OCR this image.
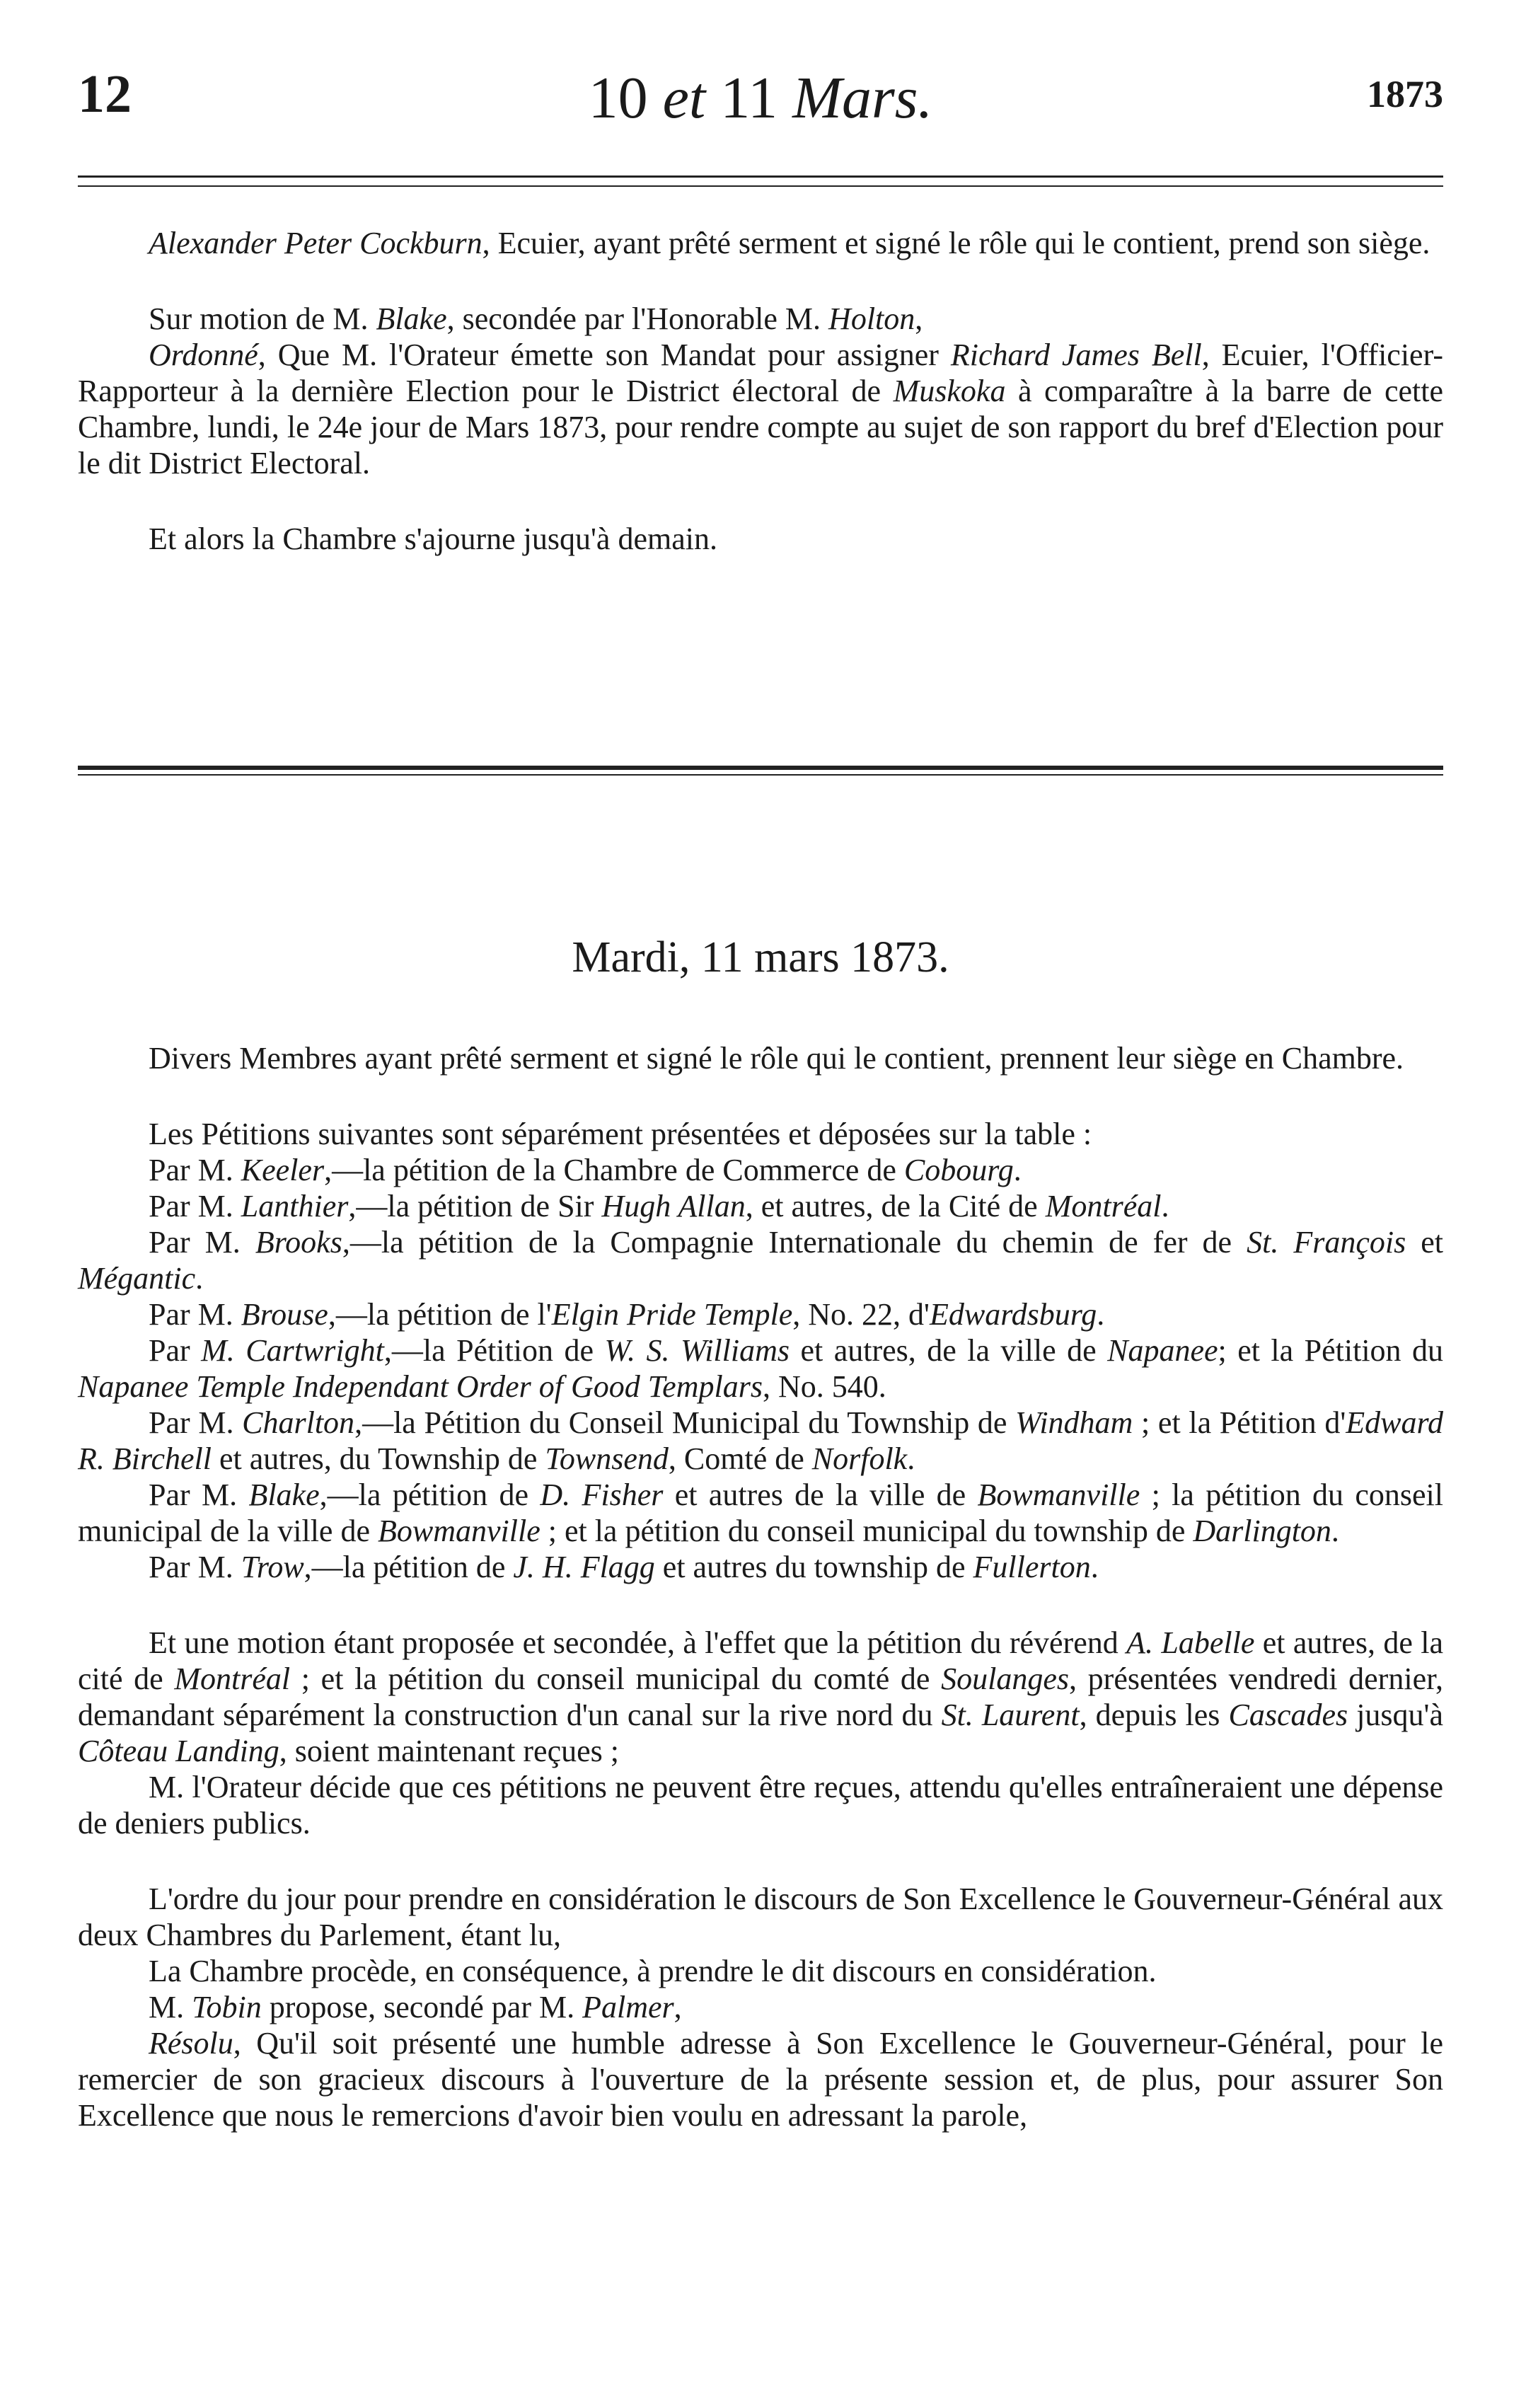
12	10 et 11 Mars.	1873

Alexander Peter Cockburn, Ecuier, ayant prêté serment et signé le rôle qui le contient, prend son siège.

Sur motion de M. Blake, secondée par l'Honorable M. Holton,

Ordonné, Que M. l'Orateur émette son Mandat pour assigner Richard James Bell, Ecuier, l'Officier-Rapporteur à la dernière Election pour le District électoral de Muskoka à comparaître à la barre de cette Chambre, lundi, le 24e jour de Mars 1873, pour rendre compte au sujet de son rapport du bref d'Election pour le dit District Electoral.

Et alors la Chambre s'ajourne jusqu'à demain.

Mardi, 11 mars 1873.

Divers Membres ayant prêté serment et signé le rôle qui le contient, prennent leur siège en Chambre.

Les Pétitions suivantes sont séparément présentées et déposées sur la table :

Par M. Keeler,—la pétition de la Chambre de Commerce de Cobourg.

Par M. Lanthier,—la pétition de Sir Hugh Allan, et autres, de la Cité de Montréal.

Par M. Brooks,—la pétition de la Compagnie Internationale du chemin de fer de St. François et Mégantic.

Par M. Brouse,—la pétition de l'Elgin Pride Temple, No. 22, d'Edwardsburg.

Par M. Cartwright,—la Pétition de W. S. Williams et autres, de la ville de Napanee; et la Pétition du Napanee Temple Independant Order of Good Templars, No. 540.

Par M. Charlton,—la Pétition du Conseil Municipal du Township de Windham ; et la Pétition d'Edward R. Birchell et autres, du Township de Townsend, Comté de Norfolk.

Par M. Blake,—la pétition de D. Fisher et autres de la ville de Bowmanville ; la pétition du conseil municipal de la ville de Bowmanville ; et la pétition du conseil municipal du township de Darlington.

Par M. Trow,—la pétition de J. H. Flagg et autres du township de Fullerton.

Et une motion étant proposée et secondée, à l'effet que la pétition du révérend A. Labelle et autres, de la cité de Montréal ; et la pétition du conseil municipal du comté de Soulanges, présentées vendredi dernier, demandant séparément la construction d'un canal sur la rive nord du St. Laurent, depuis les Cascades jusqu'à Côteau Landing, soient maintenant reçues ;

M. l'Orateur décide que ces pétitions ne peuvent être reçues, attendu qu'elles entraîneraient une dépense de deniers publics.

L'ordre du jour pour prendre en considération le discours de Son Excellence le Gouverneur-Général aux deux Chambres du Parlement, étant lu,

La Chambre procède, en conséquence, à prendre le dit discours en considération.

M. Tobin propose, secondé par M. Palmer,

Résolu, Qu'il soit présenté une humble adresse à Son Excellence le Gouverneur-Général, pour le remercier de son gracieux discours à l'ouverture de la présente session et, de plus, pour assurer Son Excellence que nous le remercions d'avoir bien voulu en adressant la parole,
